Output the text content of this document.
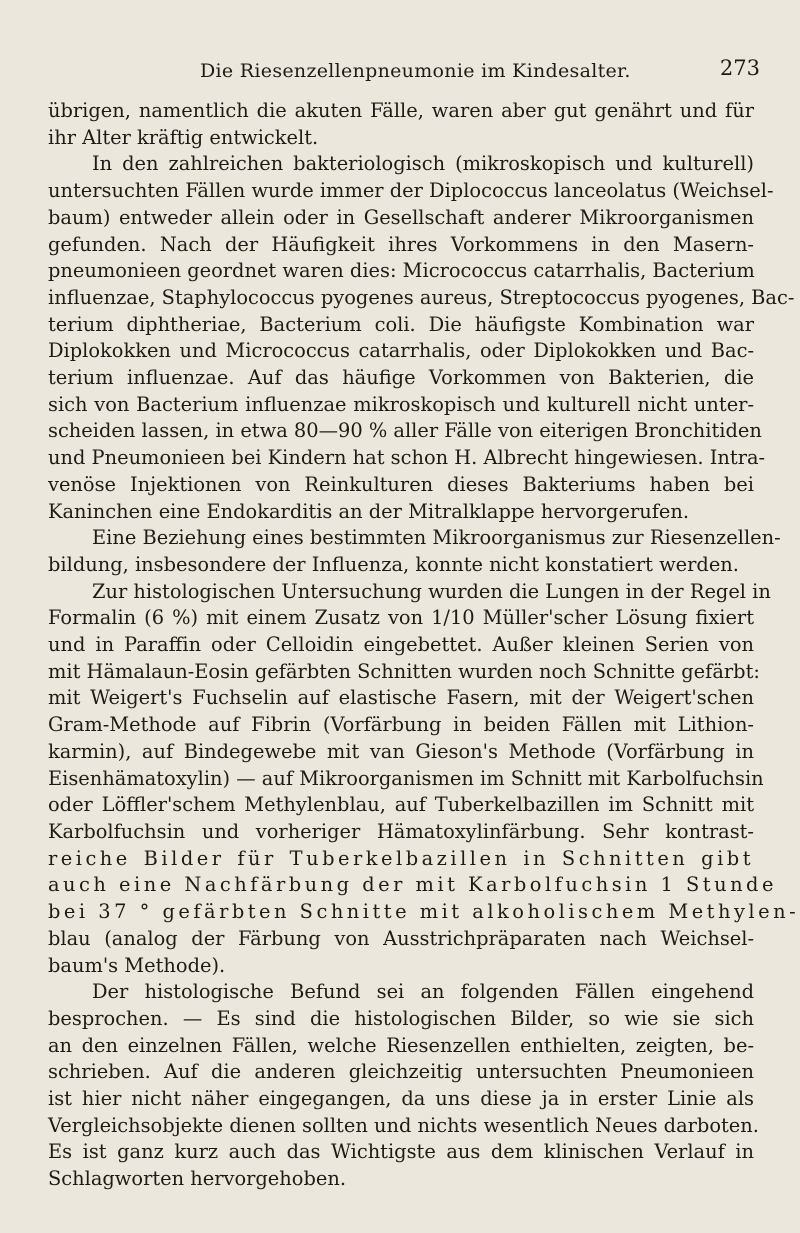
Die Riesenzellenpneumonie im Kindesalter.	273
übrigen, namentlich die akuten Fälle, waren aber gut genährt und für
ihr Alter kräftig entwickelt.
In den zahlreichen bakteriologisch (mikroskopisch und kulturell)
untersuchten Fällen wurde immer der Diplococcus lanceolatus (Weichsel-
baum) entweder allein oder in Gesellschaft anderer Mikroorganismen
gefunden. Nach der Häufigkeit ihres Vorkommens in den Masern-
pneumonieen geordnet waren dies: Micrococcus catarrhalis, Bacterium
influenzae, Staphylococcus pyogenes aureus, Streptococcus pyogenes, Bac-
terium diphtheriae, Bacterium coli. Die häufigste Kombination war
Diplokokken und Micrococcus catarrhalis, oder Diplokokken und Bac-
terium influenzae. Auf das häufige Vorkommen von Bakterien, die
sich von Bacterium influenzae mikroskopisch und kulturell nicht unter-
scheiden lassen, in etwa 80—90 % aller Fälle von eiterigen Bronchitiden
und Pneumonieen bei Kindern hat schon H. Albrecht hingewiesen. Intra-
venöse Injektionen von Reinkulturen dieses Bakteriums haben bei
Kaninchen eine Endokarditis an der Mitralklappe hervorgerufen.
Eine Beziehung eines bestimmten Mikroorganismus zur Riesenzellen-
bildung, insbesondere der Influenza, konnte nicht konstatiert werden.
Zur histologischen Untersuchung wurden die Lungen in der Regel in
Formalin (6 %) mit einem Zusatz von 1/10 Müller'scher Lösung fixiert
und in Paraffin oder Celloidin eingebettet. Außer kleinen Serien von
mit Hämalaun-Eosin gefärbten Schnitten wurden noch Schnitte gefärbt:
mit Weigert's Fuchselin auf elastische Fasern, mit der Weigert'schen
Gram-Methode auf Fibrin (Vorfärbung in beiden Fällen mit Lithion-
karmin), auf Bindegewebe mit van Gieson's Methode (Vorfärbung in
Eisenhämatoxylin) — auf Mikroorganismen im Schnitt mit Karbolfuchsin
oder Löffler'schem Methylenblau, auf Tuberkelbazillen im Schnitt mit
Karbolfuchsin und vorheriger Hämatoxylinfärbung. Sehr kontrast-
reiche Bilder für Tuberkelbazillen in Schnitten gibt
auch eine Nachfärbung der mit Karbolfuchsin 1 Stunde
bei 37 ° gefärbten Schnitte mit alkoholischem Methylen-
blau (analog der Färbung von Ausstrichpräparaten nach Weichsel-
baum's Methode).
Der histologische Befund sei an folgenden Fällen eingehend
besprochen. — Es sind die histologischen Bilder, so wie sie sich
an den einzelnen Fällen, welche Riesenzellen enthielten, zeigten, be-
schrieben. Auf die anderen gleichzeitig untersuchten Pneumonieen
ist hier nicht näher eingegangen, da uns diese ja in erster Linie als
Vergleichsobjekte dienen sollten und nichts wesentlich Neues darboten.
Es ist ganz kurz auch das Wichtigste aus dem klinischen Verlauf in
Schlagworten hervorgehoben.
